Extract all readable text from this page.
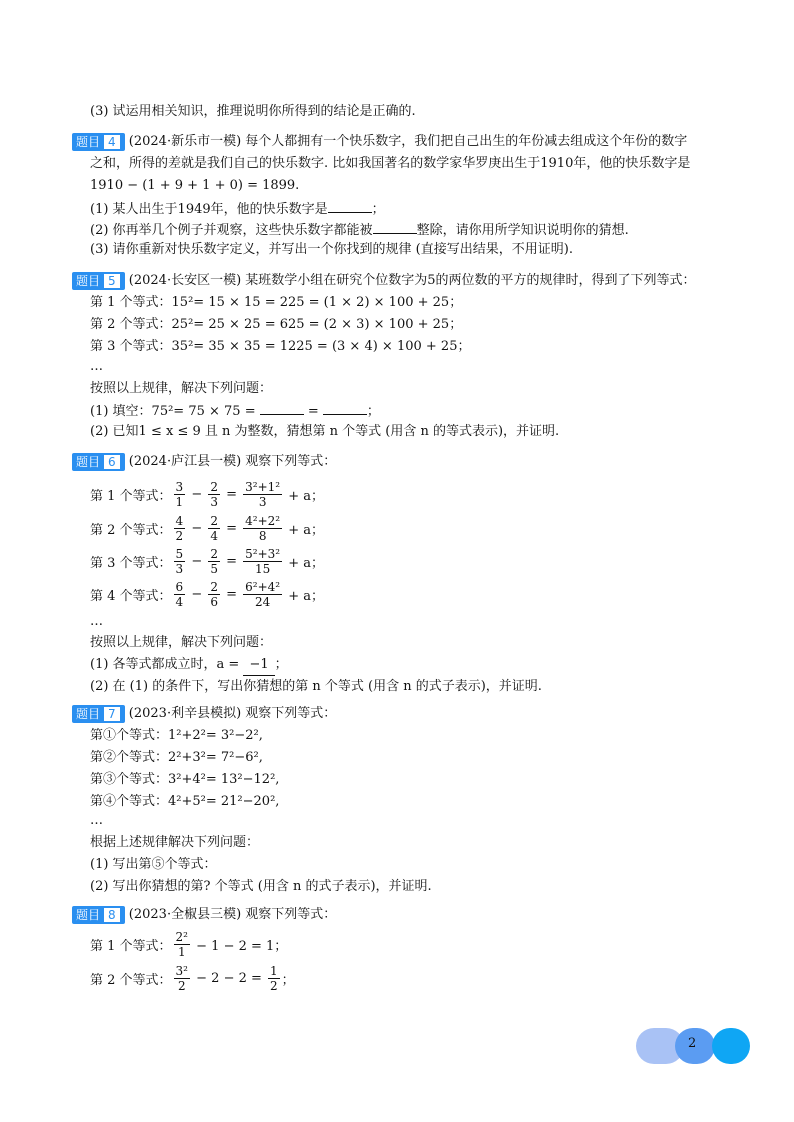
(3) 试运用相关知识，推理说明你所得到的结论是正确的.
题目 4 (2024·新乐市一模) 每个人都拥有一个快乐数字，我们把自己出生的年份减去组成这个年份的数字
之和，所得的差就是我们自己的快乐数字. 比如我国著名的数学家华罗庚出生于1910年，他的快乐数字是
1910 − (1 + 9 + 1 + 0) = 1899.
(1) 某人出生于1949年，他的快乐数字是	；
(2) 你再举几个例子并观察，这些快乐数字都能被	整除，请你用所学知识说明你的猜想.
(3) 请你重新对快乐数字定义，并写出一个你找到的规律 (直接写出结果，不用证明).
题目 5 (2024·长安区一模) 某班数学小组在研究个位数字为5的两位数的平方的规律时，得到了下列等式：
第 1 个等式：15²= 15 × 15 = 225 = (1 × 2) × 100 + 25；
第 2 个等式：25²= 25 × 25 = 625 = (2 × 3) × 100 + 25；
第 3 个等式：35²= 35 × 35 = 1225 = (3 × 4) × 100 + 25；
…
按照以上规律，解决下列问题：
(1) 填空：75²= 75 × 75 =	=	；
(2) 已知1 ≤ x ≤ 9 且 n 为整数，猜想第 n 个等式 (用含 n 的等式表示)，并证明.
题目 6 (2024·庐江县一模) 观察下列等式：
第 1 个等式： $\frac{3}{1} - \frac{2}{3} = \frac{\text{3²+1²}}{3}$
+ a；
第 2 个等式： $\frac{4}{2} - \frac{2}{4} = \frac{\text{4²+2²}}{8}$
+ a；
第 3 个等式： $\frac{5}{3} - \frac{2}{5} = \frac{\text{5²+3²}}{15}$
+ a；
第 4 个等式： $\frac{6}{4} - \frac{2}{6} = \frac{\text{6²+4²}}{24}$
+ a；
…
按照以上规律，解决下列问题：
(1) 各等式都成立时，a = −1 ；
(2) 在 (1) 的条件下，写出你猜想的第 n 个等式 (用含 n 的式子表示)，并证明.
题目 7 (2023·利辛县模拟) 观察下列等式：
第①个等式：1²+2²= 3²−2²,
第②个等式：2²+3²= 7²−6²,
第③个等式：3²+4²= 13²−12²,
第④个等式：4²+5²= 21²−20²,
…
根据上述规律解决下列问题：
(1) 写出第⑤个等式：
(2) 写出你猜想的第? 个等式 (用含 n 的式子表示)，并证明.
题目 8 (2023·全椒县三模) 观察下列等式：
第 1 个等式： $\frac{\text{2²}}{1}$
− 1 − 2 = 1；
第 2 个等式： $\frac{\text{3²}}{2}$
− 2 − 2 =
$\frac{1}{2}$ ；
2
